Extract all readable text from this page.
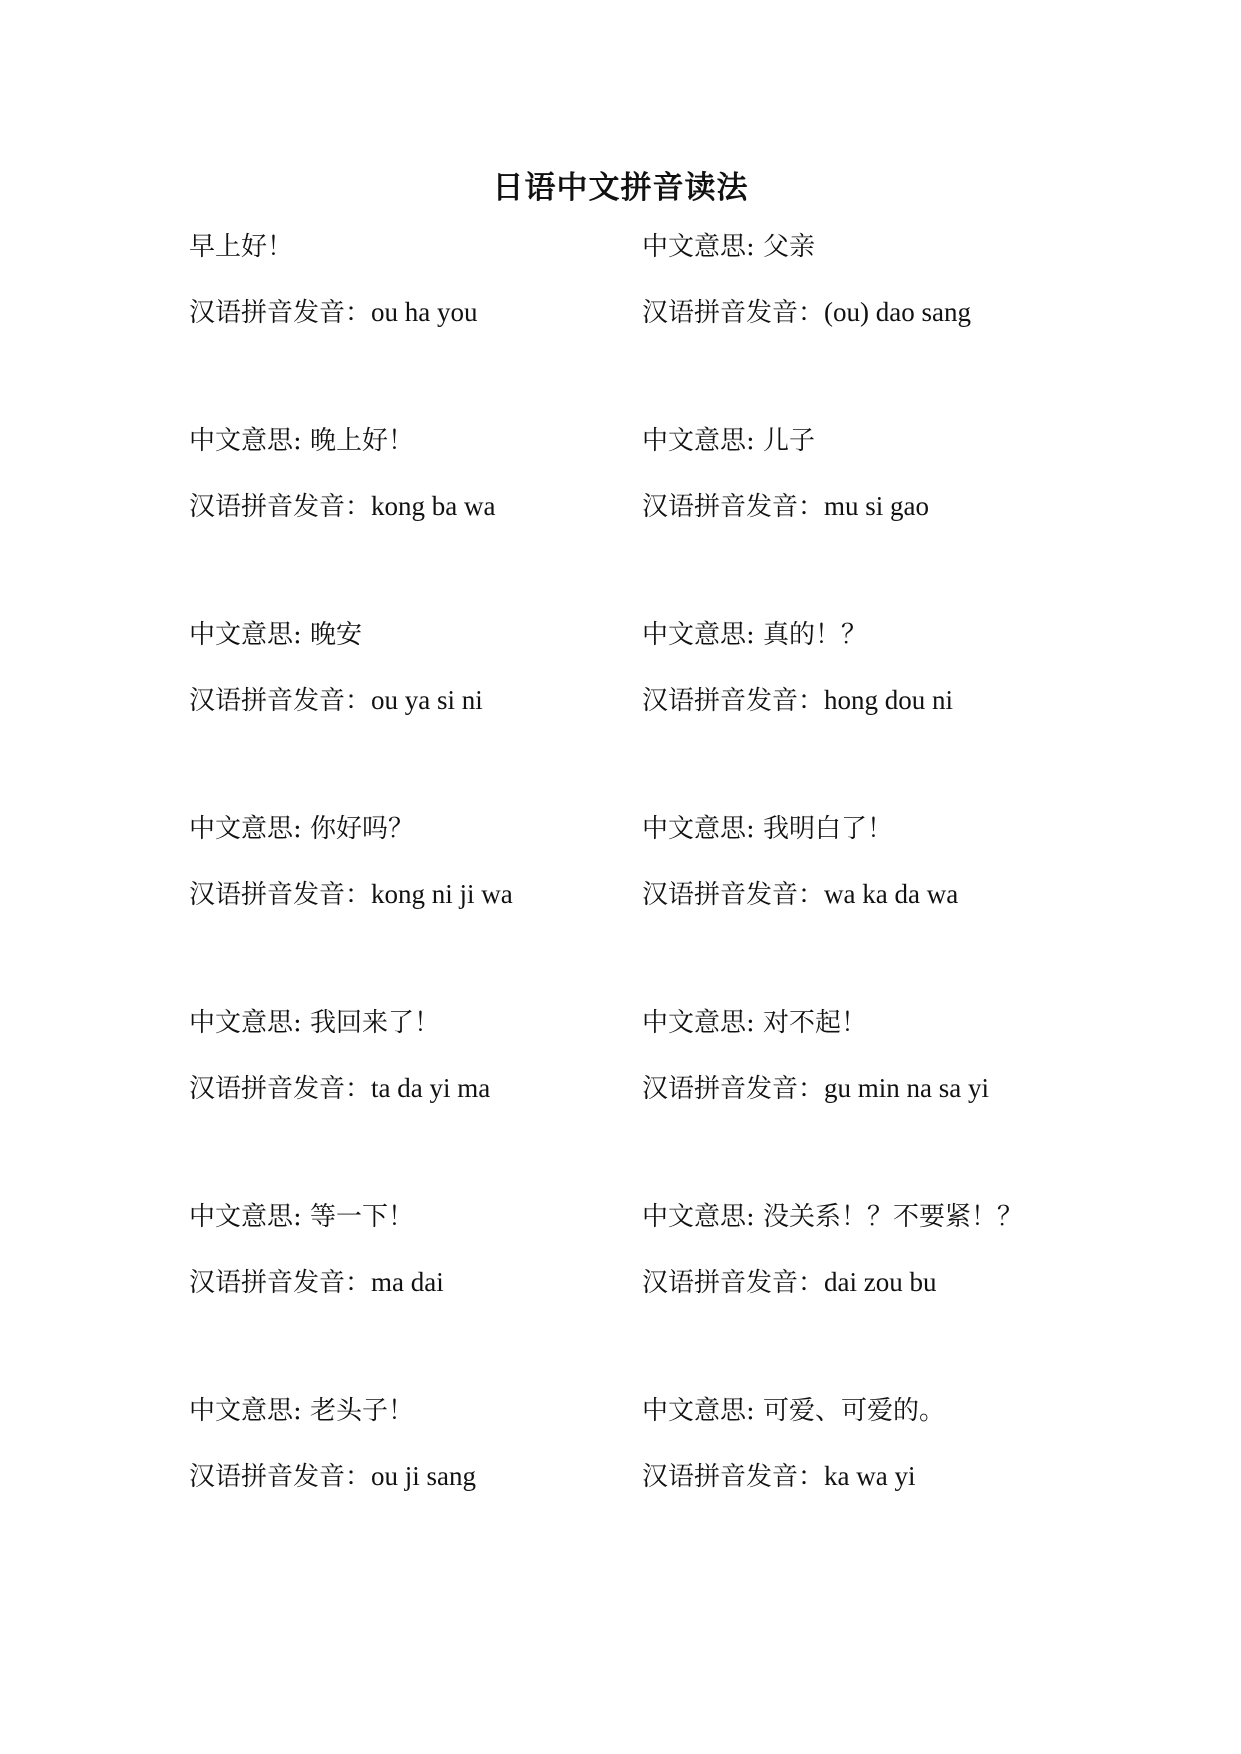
日语中文拼音读法
早上好！
汉语拼音发音：ou ha you
中文意思: 晚上好！
汉语拼音发音：kong ba wa
中文意思: 晚安
汉语拼音发音：ou ya si ni
中文意思: 你好吗？
汉语拼音发音：kong ni ji wa
中文意思: 我回来了！
汉语拼音发音：ta da yi ma
中文意思: 等一下！
汉语拼音发音：ma dai
中文意思: 老头子！
汉语拼音发音：ou ji sang
中文意思: 父亲
汉语拼音发音：(ou) dao sang
中文意思: 儿子
汉语拼音发音：mu si gao
中文意思: 真的！？
汉语拼音发音：hong dou ni
中文意思: 我明白了！
汉语拼音发音：wa ka da wa
中文意思: 对不起！
汉语拼音发音：gu min na sa yi
中文意思: 没关系！？不要紧！？
汉语拼音发音：dai zou bu
中文意思: 可爱、可爱的。
汉语拼音发音：ka wa yi
